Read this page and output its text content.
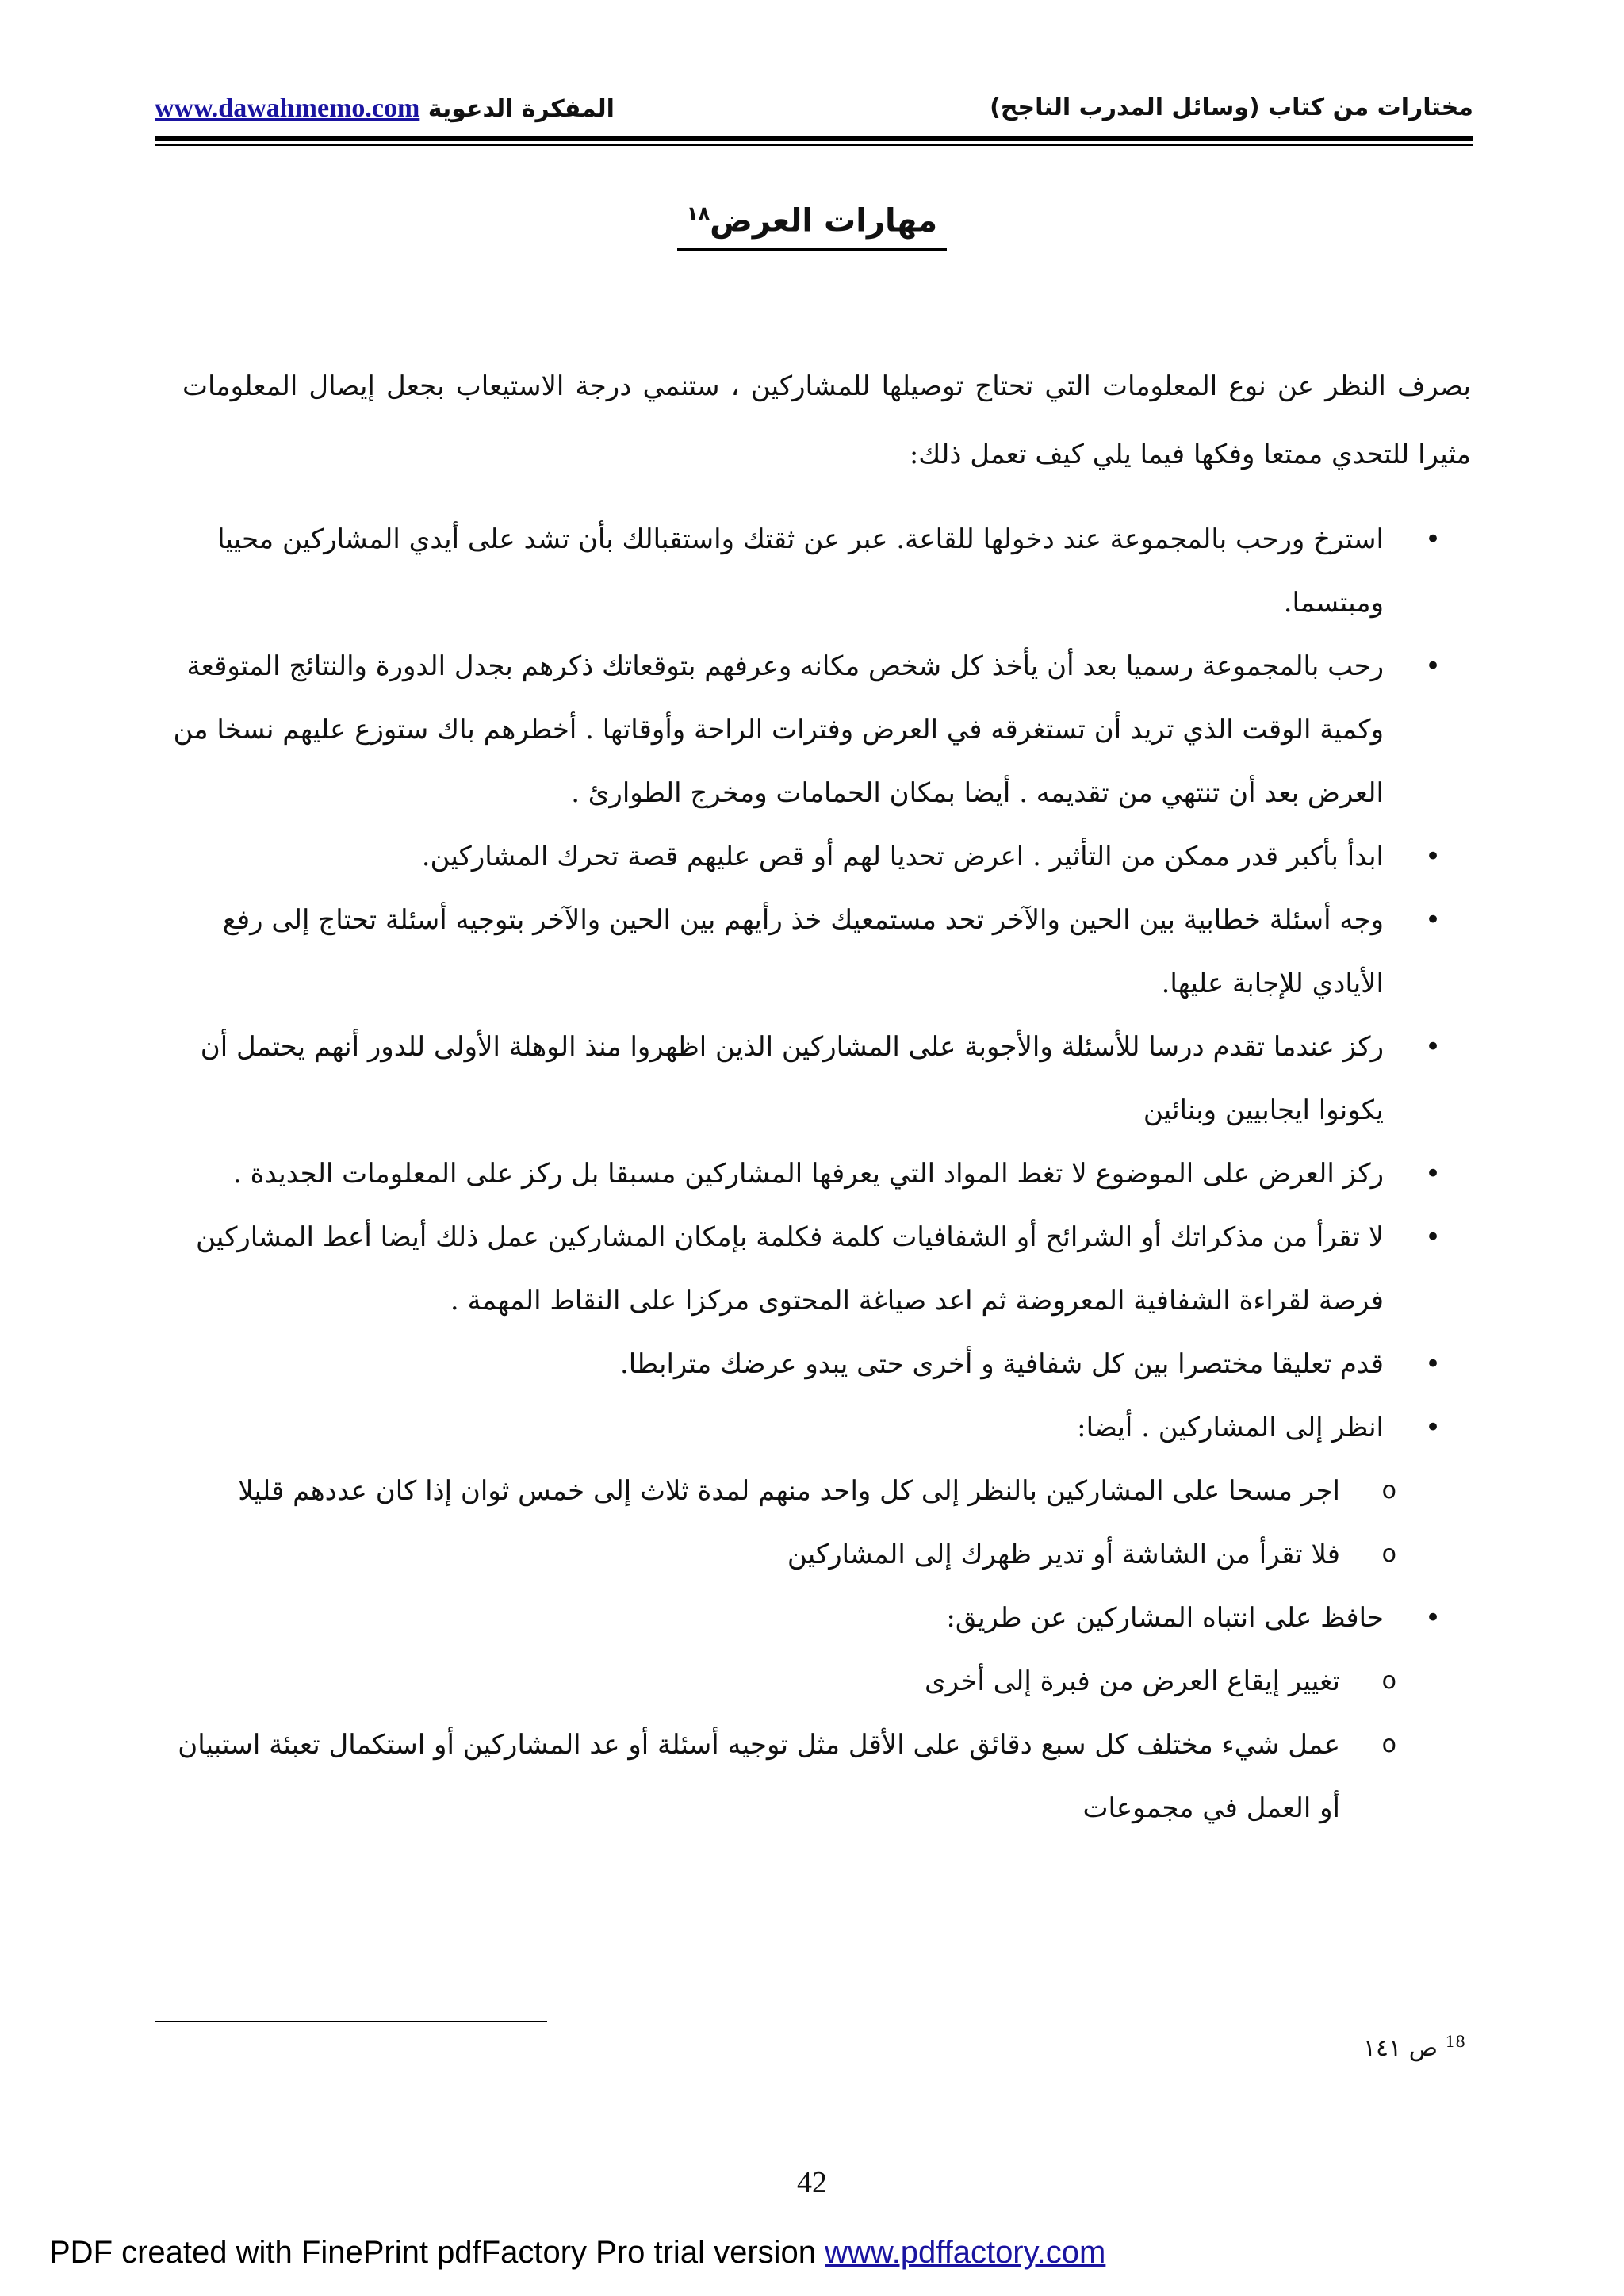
مختارات من كتاب (وسائل المدرب الناجح)
المفكرة الدعوية www.dawahmemo.com
مهارات العرض$^{١٨}$

بصرف النظر عن نوع المعلومات التي تحتاج توصيلها للمشاركين ، ستنمي درجة الاستيعاب بجعل إيصال المعلومات مثيرا للتحدي ممتعا وفكها فيما يلي كيف تعمل ذلك:

•
استرخ ورحب بالمجموعة عند دخولها للقاعة. عبر عن ثقتك واستقبالك بأن تشد على أيدي المشاركين محييا ومبتسما.
•
رحب بالمجموعة رسميا بعد أن يأخذ كل شخص مكانه وعرفهم بتوقعاتك ذكرهم بجدل الدورة والنتائج المتوقعة وكمية الوقت الذي تريد أن تستغرقه في العرض وفترات الراحة وأوقاتها . أخطرهم باك ستوزع عليهم نسخا من العرض بعد أن تنتهي من تقديمه . أيضا بمكان الحمامات ومخرج الطوارئ .
•
ابدأ بأكبر قدر ممكن من التأثير . اعرض تحديا لهم أو قص عليهم قصة تحرك المشاركين.
•
وجه أسئلة خطابية بين الحين والآخر تحد مستمعيك خذ رأيهم بين الحين والآخر بتوجيه أسئلة تحتاج إلى رفع الأيادي للإجابة عليها.
•
ركز عندما تقدم درسا للأسئلة والأجوبة على المشاركين الذين اظهروا منذ الوهلة الأولى للدور أنهم يحتمل أن يكونوا ايجابيين وبنائين
•
ركز العرض على الموضوع لا تغط المواد التي يعرفها المشاركين مسبقا بل ركز على المعلومات الجديدة .
•
لا تقرأ من مذكراتك أو الشرائح أو الشفافيات كلمة فكلمة بإمكان المشاركين عمل ذلك أيضا أعط المشاركين فرصة لقراءة الشفافية المعروضة ثم اعد صياغة المحتوى مركزا على النقاط المهمة .
•
قدم تعليقا مختصرا بين كل شفافية و أخرى حتى يبدو عرضك مترابطا.
•
انظر إلى المشاركين . أيضا:
o
اجر مسحا على المشاركين بالنظر إلى كل واحد منهم لمدة ثلاث إلى خمس ثوان إذا كان عددهم قليلا
o
فلا تقرأ من الشاشة أو تدير ظهرك إلى المشاركين
•
حافظ على انتباه المشاركين عن طريق:
o
تغيير إيقاع العرض من فبرة إلى أخرى
o
عمل شيء مختلف كل سبع دقائق على الأقل مثل توجيه أسئلة أو عد المشاركين أو استكمال تعبئة استبيان أو العمل في مجموعات
$^{18}$ ص ١٤١
42
PDF created with FinePrint pdfFactory Pro trial version www.pdffactory.com
